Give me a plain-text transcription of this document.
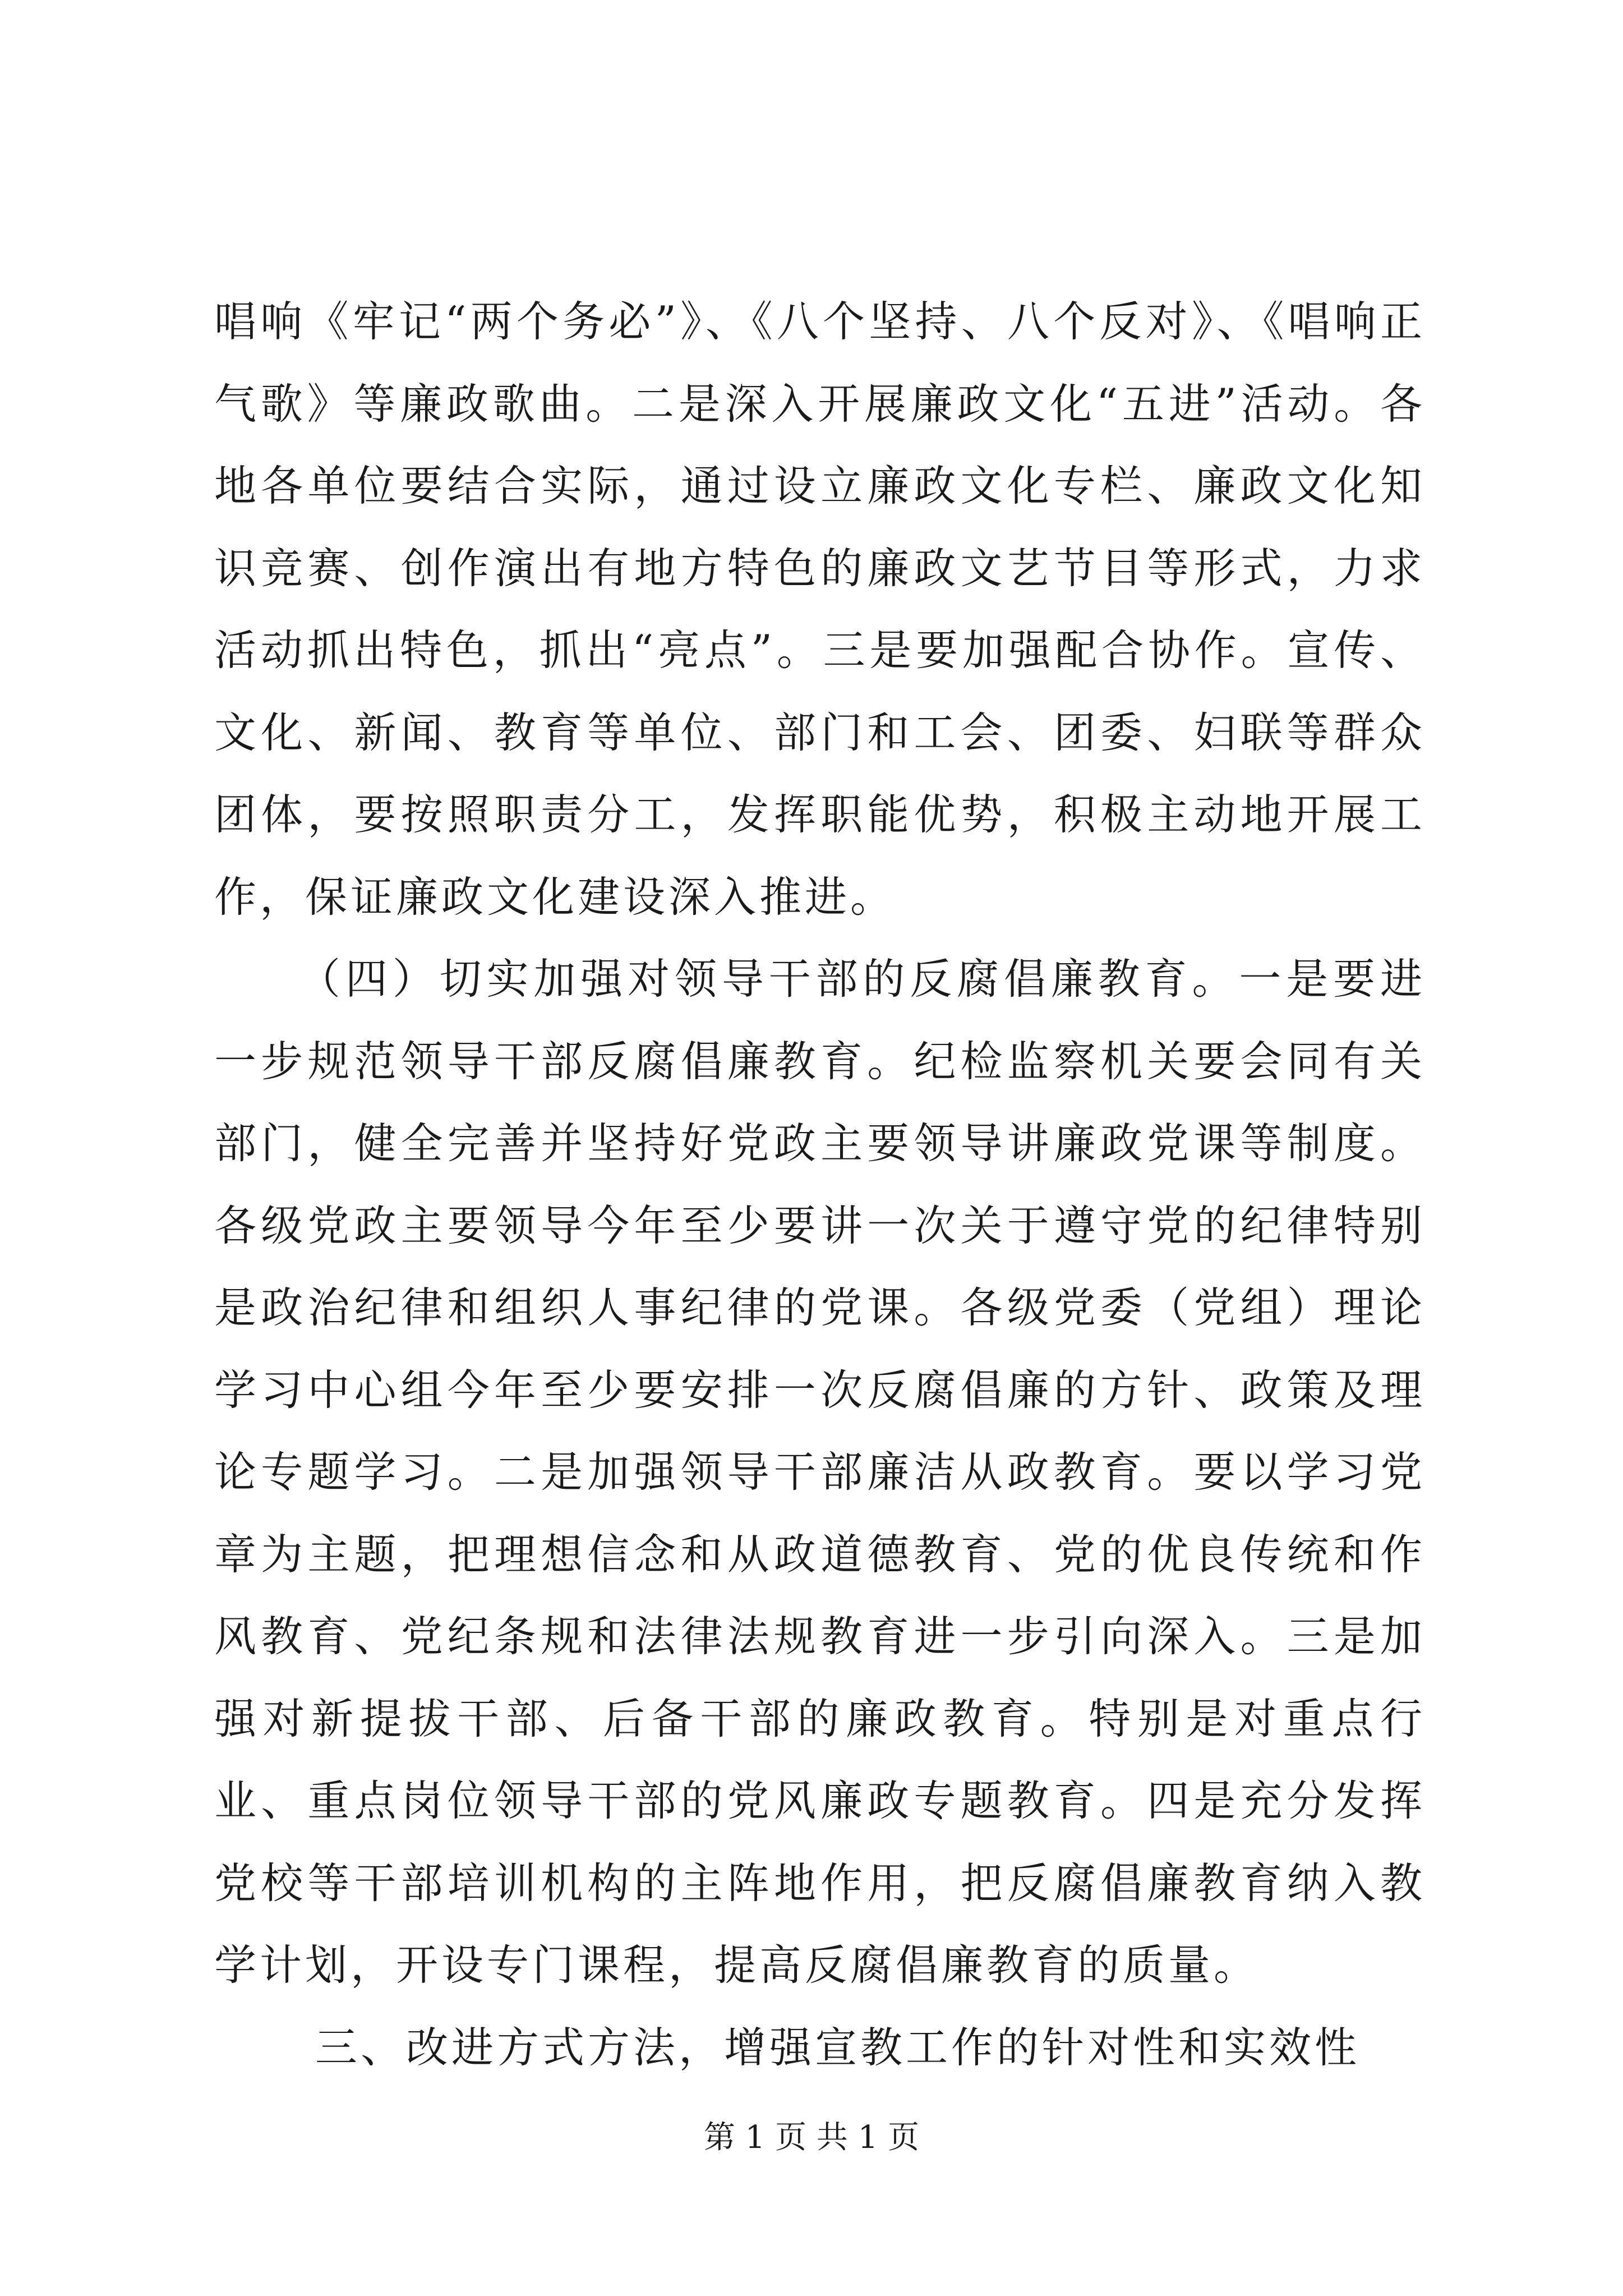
唱响《牢记“两个务必”》、《八个坚持、八个反对》、《唱响正气歌》等廉政歌曲。二是深入开展廉政文化“五进”活动。各地各单位要结合实际，通过设立廉政文化专栏、廉政文化知识竞赛、创作演出有地方特色的廉政文艺节目等形式，力求活动抓出特色，抓出“亮点”。三是要加强配合协作。宣传、文化、新闻、教育等单位、部门和工会、团委、妇联等群众团体，要按照职责分工，发挥职能优势，积极主动地开展工作，保证廉政文化建设深入推进。

（四）切实加强对领导干部的反腐倡廉教育。一是要进一步规范领导干部反腐倡廉教育。纪检监察机关要会同有关部门，健全完善并坚持好党政主要领导讲廉政党课等制度。各级党政主要领导今年至少要讲一次关于遵守党的纪律特别是政治纪律和组织人事纪律的党课。各级党委（党组）理论学习中心组今年至少要安排一次反腐倡廉的方针、政策及理论专题学习。二是加强领导干部廉洁从政教育。要以学习党章为主题，把理想信念和从政道德教育、党的优良传统和作风教育、党纪条规和法律法规教育进一步引向深入。三是加强对新提拔干部、后备干部的廉政教育。特别是对重点行业、重点岗位领导干部的党风廉政专题教育。四是充分发挥党校等干部培训机构的主阵地作用，把反腐倡廉教育纳入教学计划，开设专门课程，提高反腐倡廉教育的质量。

三、改进方式方法，增强宣教工作的针对性和实效性

第 1 页 共 1 页
